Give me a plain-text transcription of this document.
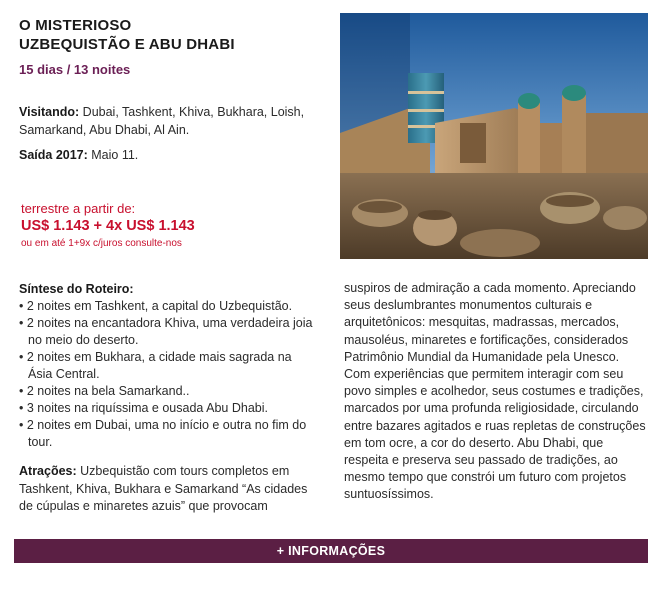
O MISTERIOSO
UZBEQUISTÃO E ABU DHABI
15 dias / 13 noites
Visitando: Dubai, Tashkent, Khiva, Bukhara, Loish, Samarkand, Abu Dhabi, Al Ain.
Saída 2017: Maio 11.
terrestre a partir de:
US$ 1.143 + 4x US$ 1.143
ou em até 1+9x c/juros consulte-nos
Síntese do Roteiro:
• 2 noites em Tashkent, a capital do Uzbequistão.
• 2 noites na encantadora Khiva, uma verdadeira joia no meio do deserto.
• 2 noites em Bukhara, a cidade mais sagrada na Ásia Central.
• 2 noites na bela Samarkand..
• 3 noites na riquíssima e ousada Abu Dhabi.
• 2 noites em Dubai, uma no início e outra no fim do tour.
Atrações: Uzbequistão com tours completos em Tashkent, Khiva, Bukhara e Samarkand “As cidades de cúpulas e minaretes azuis” que provocam
suspiros de admiração a cada momento. Apreciando seus deslumbrantes monumentos culturais e arquitetônicos: mesquitas, madrassas, mercados, mausoléus, minaretes e fortificações, considerados Patrimônio Mundial da Humanidade pela Unesco. Com experiências que permitem interagir com seu povo simples e acolhedor, seus costumes e tradições, marcados por uma profunda religiosidade, circulando entre bazares agitados e ruas repletas de construções em tom ocre, a cor do deserto. Abu Dhabi, que respeita e preserva seu passado de tradições, ao mesmo tempo que constrói um futuro com projetos suntuosíssimos.
+ INFORMAÇÕES
